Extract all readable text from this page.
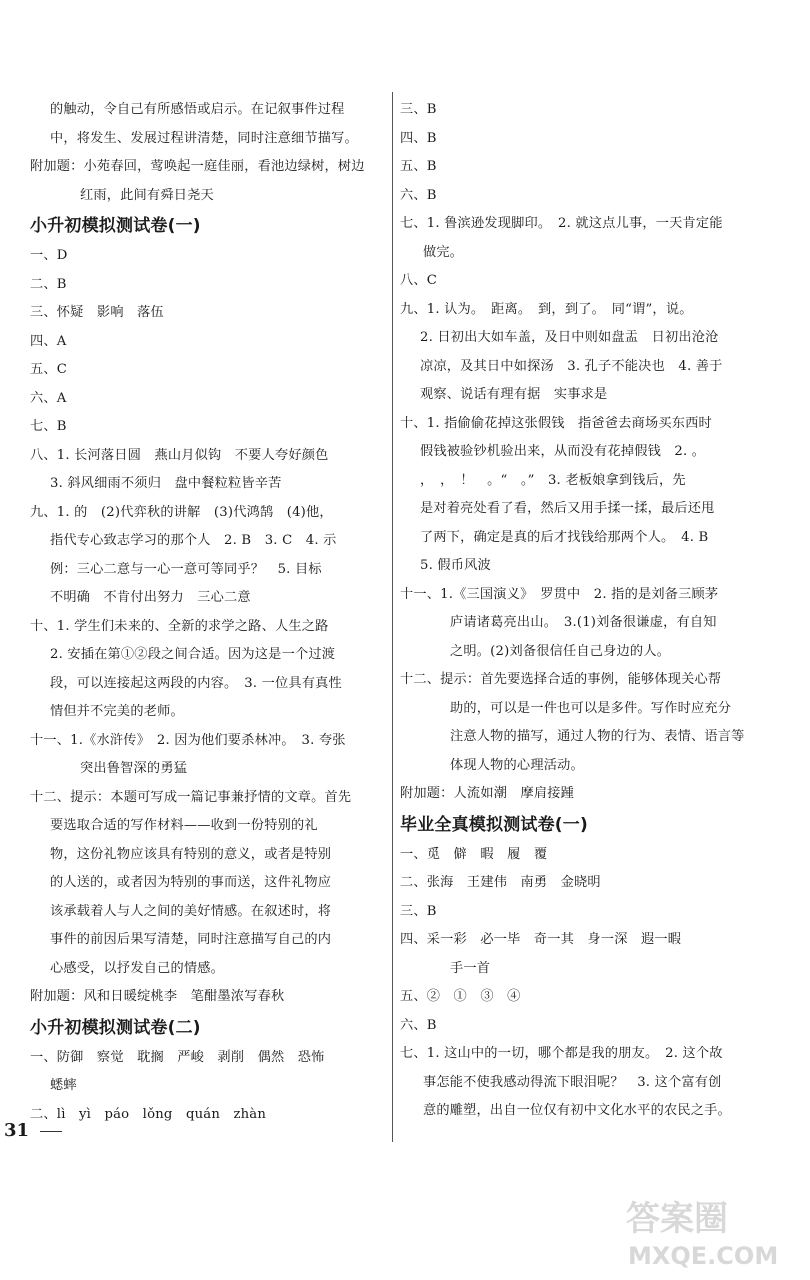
的触动，令自己有所感悟或启示。在记叙事件过程
中，将发生、发展过程讲清楚，同时注意细节描写。
附加题：小苑春回，莺唤起一庭佳丽，看池边绿树，树边
红雨，此间有舜日尧天
小升初模拟测试卷(一)
一、D
二、B
三、怀疑　影响　落伍
四、A
五、C
六、A
七、B
八、1. 长河落日圆　燕山月似钩　不要人夸好颜色
3. 斜风细雨不须归　盘中餐粒粒皆辛苦
九、1. 的　(2)代弈秋的讲解　(3)代鸿鹄　(4)他，
指代专心致志学习的那个人　2. B　3. C　4. 示
例：三心二意与一心一意可等同乎？　5. 目标
不明确　不肯付出努力　三心二意
十、1. 学生们未来的、全新的求学之路、人生之路
2. 安插在第①②段之间合适。因为这是一个过渡
段，可以连接起这两段的内容。　3. 一位具有真性
情但并不完美的老师。
十一、1.《水浒传》　2. 因为他们要杀林冲。　3. 夸张
突出鲁智深的勇猛
十二、提示：本题可写成一篇记事兼抒情的文章。首先
要选取合适的写作材料——收到一份特别的礼
物，这份礼物应该具有特别的意义，或者是特别
的人送的，或者因为特别的事而送，这件礼物应
该承载着人与人之间的美好情感。在叙述时，将
事件的前因后果写清楚，同时注意描写自己的内
心感受，以抒发自己的情感。
附加题：风和日暖绽桃李　笔酣墨浓写春秋
小升初模拟测试卷(二)
一、防御　察觉　耽搁　严峻　剥削　偶然　恐怖
蟋蟀
二、lì　yì　páo　lǒng　quán　zhàn
三、B
四、B
五、B
六、B
七、1. 鲁滨逊发现脚印。　2. 就这点儿事，一天肯定能
做完。
八、C
九、1. 认为。　距离。　到，到了。　同“谓”，说。
2. 日初出大如车盖，及日中则如盘盂　日初出沧沧
凉凉，及其日中如探汤　3. 孔子不能决也　4. 善于
观察、说话有理有据　实事求是
十、1. 指偷偷花掉这张假钱　指爸爸去商场买东西时
假钱被验钞机验出来，从而没有花掉假钱　2. 。
，　，　！　。“　。”　3. 老板娘拿到钱后，先
是对着亮处看了看，然后又用手揉一揉，最后还甩
了两下，确定是真的后才找钱给那两个人。　4. B
5. 假币风波
十一、1.《三国演义》　罗贯中　2. 指的是刘备三顾茅
庐请诸葛亮出山。　3.(1)刘备很谦虚，有自知
之明。(2)刘备很信任自己身边的人。
十二、提示：首先要选择合适的事例，能够体现关心帮
助的，可以是一件也可以是多件。写作时应充分
注意人物的描写，通过人物的行为、表情、语言等
体现人物的心理活动。
附加题：人流如潮　摩肩接踵
毕业全真模拟测试卷(一)
一、觅　僻　暇　履　覆
二、张海　王建伟　南勇　金晓明
三、B
四、采一彩　必一毕　奇一其　身一深　遐一暇
手一首
五、②　①　③　④
六、B
七、1. 这山中的一切，哪个都是我的朋友。　2. 这个故
事怎能不使我感动得流下眼泪呢？　3. 这个富有创
意的雕塑，出自一位仅有初中文化水平的农民之手。
31
答案圈
MXQE.COM
